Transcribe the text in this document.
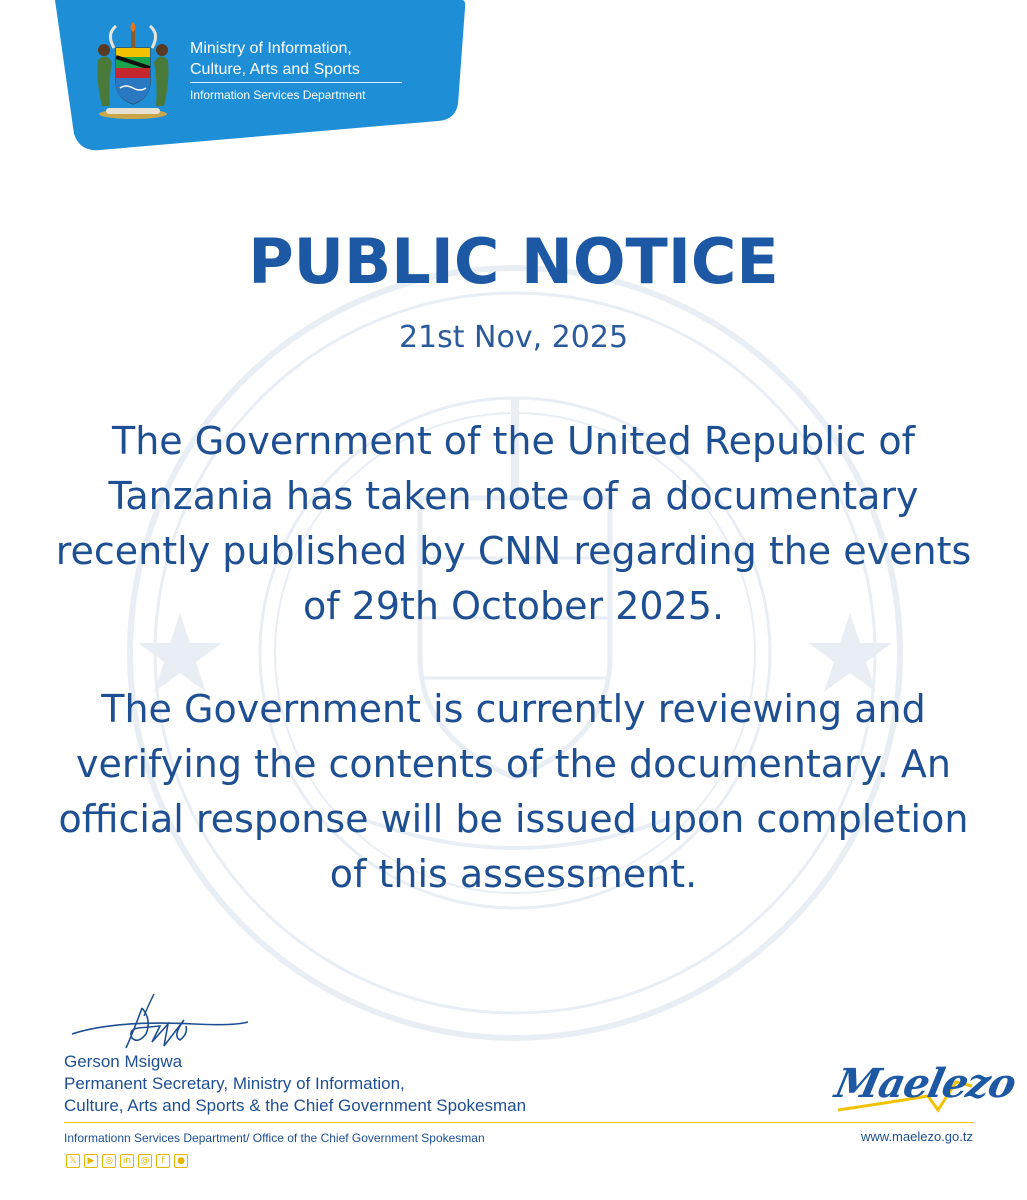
Ministry of Information,
Culture, Arts and Sports
Information Services Department
PUBLIC NOTICE
21st Nov, 2025
The Government of the United Republic of Tanzania has taken note of a documentary recently published by CNN regarding the events of 29th October 2025.
The Government is currently reviewing and verifying the contents of the documentary. An official response will be issued upon completion of this assessment.
Gerson Msigwa
Permanent Secretary, Ministry of Information,
Culture, Arts and Sports & the Chief Government Spokesman	Maelezo
Informationn Services Department/ Office of the Chief Government Spokesman	www.maelezo.go.tz
𝕏	▶	◎	in	@	f	●
